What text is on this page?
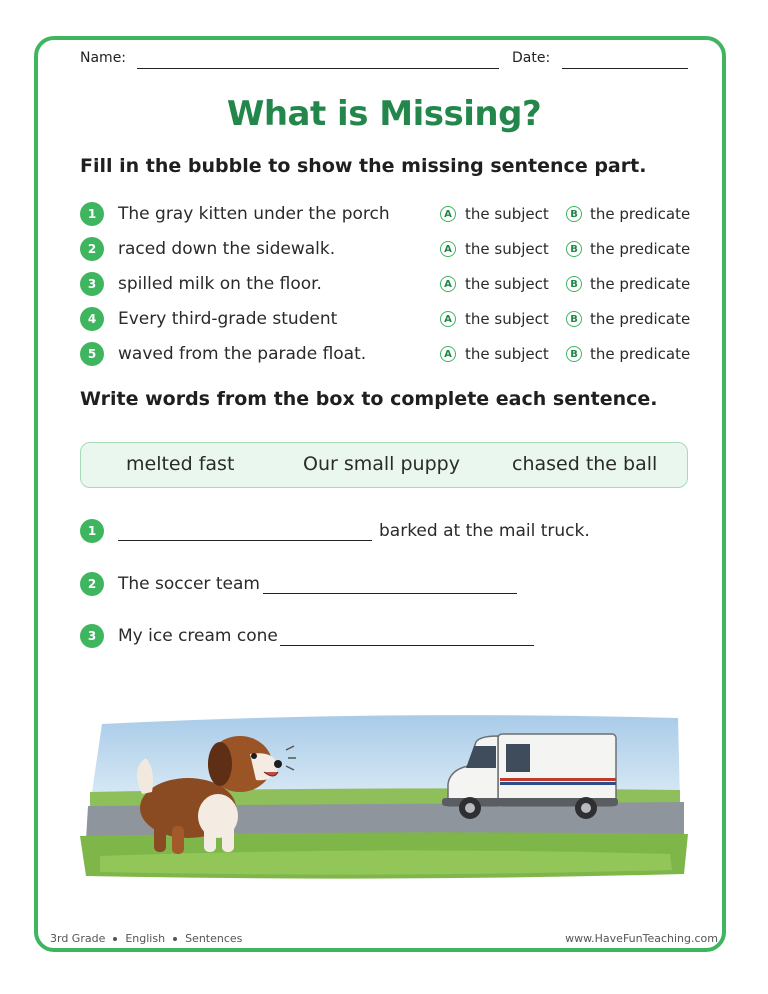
Name:	Date:
What is Missing?
Fill in the bubble to show the missing sentence part.
1	The gray kitten under the porch	A the subject	B the predicate
2	raced down the sidewalk.	A the subject	B the predicate
3	spilled milk on the floor.	A the subject	B the predicate
4	Every third-grade student	A the subject	B the predicate
5	waved from the parade float.	A the subject	B the predicate
Write words from the box to complete each sentence.
melted fast	Our small puppy	chased the ball
1	barked at the mail truck.
2	The soccer team
3	My ice cream cone
3rd Grade English Sentences	www.HaveFunTeaching.com
